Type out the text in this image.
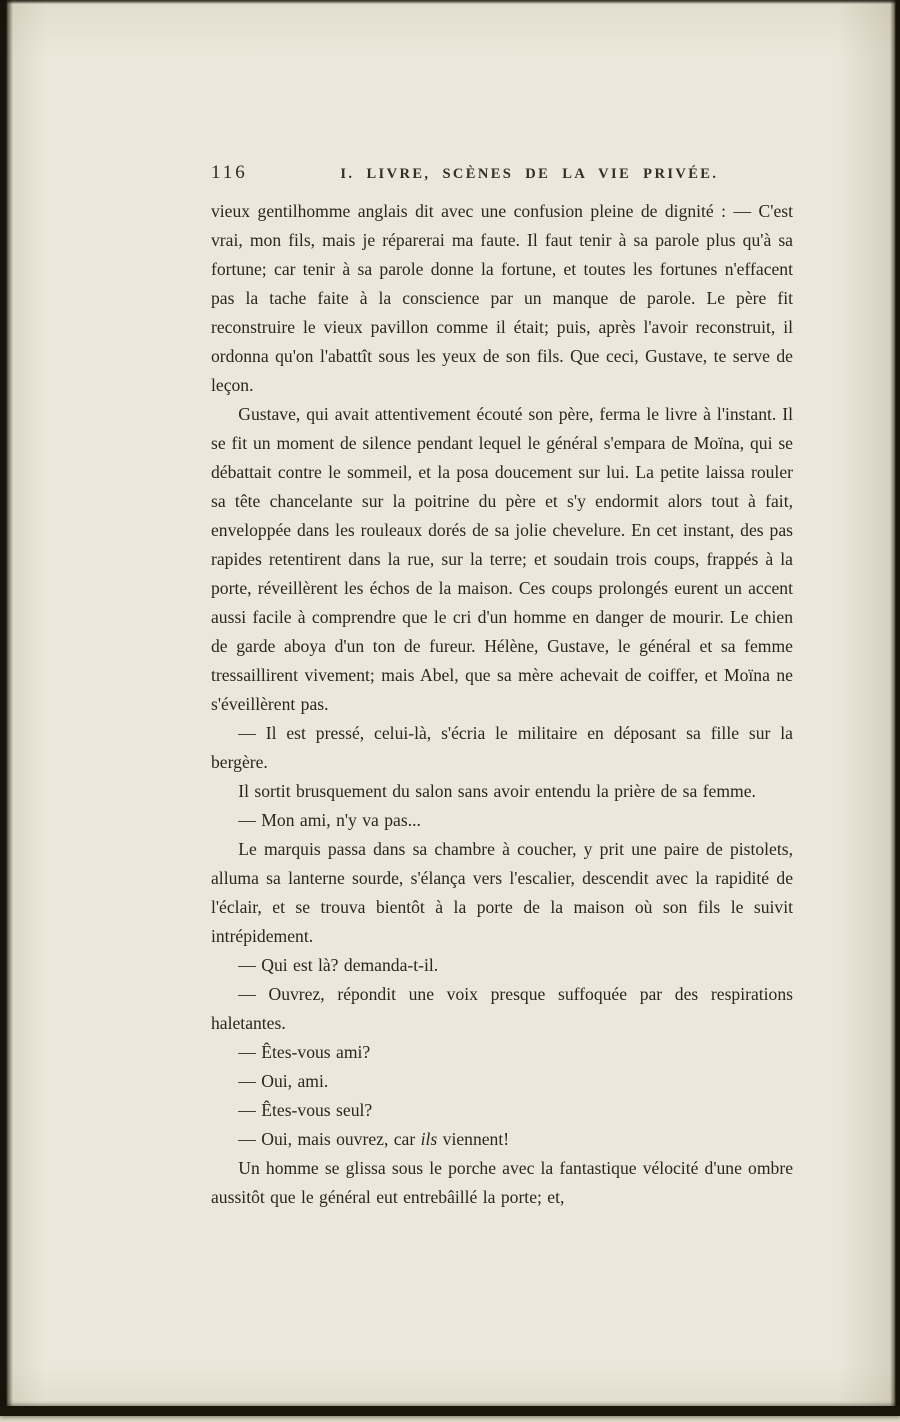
116	I. LIVRE, SCÈNES DE LA VIE PRIVÉE.

vieux gentilhomme anglais dit avec une confusion pleine de dignité : — C'est vrai, mon fils, mais je réparerai ma faute. Il faut tenir à sa parole plus qu'à sa fortune; car tenir à sa parole donne la fortune, et toutes les fortunes n'effacent pas la tache faite à la conscience par un manque de parole. Le père fit reconstruire le vieux pavillon comme il était; puis, après l'avoir reconstruit, il ordonna qu'on l'abattît sous les yeux de son fils. Que ceci, Gustave, te serve de leçon.

Gustave, qui avait attentivement écouté son père, ferma le livre à l'instant. Il se fit un moment de silence pendant lequel le général s'empara de Moïna, qui se débattait contre le sommeil, et la posa doucement sur lui. La petite laissa rouler sa tête chancelante sur la poitrine du père et s'y endormit alors tout à fait, enveloppée dans les rouleaux dorés de sa jolie chevelure. En cet instant, des pas rapides retentirent dans la rue, sur la terre; et soudain trois coups, frappés à la porte, réveillèrent les échos de la maison. Ces coups prolongés eurent un accent aussi facile à comprendre que le cri d'un homme en danger de mourir. Le chien de garde aboya d'un ton de fureur. Hélène, Gustave, le général et sa femme tressaillirent vivement; mais Abel, que sa mère achevait de coiffer, et Moïna ne s'éveillèrent pas.

— Il est pressé, celui-là, s'écria le militaire en déposant sa fille sur la bergère.

Il sortit brusquement du salon sans avoir entendu la prière de sa femme.

— Mon ami, n'y va pas...

Le marquis passa dans sa chambre à coucher, y prit une paire de pistolets, alluma sa lanterne sourde, s'élança vers l'escalier, descendit avec la rapidité de l'éclair, et se trouva bientôt à la porte de la maison où son fils le suivit intrépidement.

— Qui est là? demanda-t-il.

— Ouvrez, répondit une voix presque suffoquée par des respirations haletantes.

— Êtes-vous ami?

— Oui, ami.

— Êtes-vous seul?

— Oui, mais ouvrez, car ils viennent!

Un homme se glissa sous le porche avec la fantastique vélocité d'une ombre aussitôt que le général eut entrebâillé la porte; et,
